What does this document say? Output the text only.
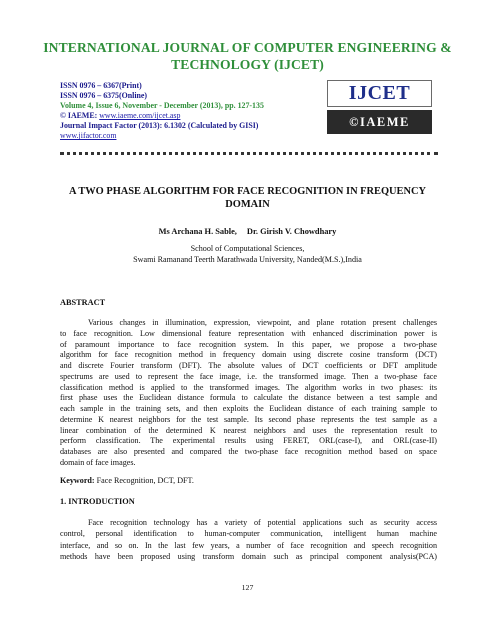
INTERNATIONAL JOURNAL OF COMPUTER ENGINEERING &
TECHNOLOGY (IJCET)
ISSN 0976 – 6367(Print)
ISSN 0976 – 6375(Online)
Volume 4, Issue 6, November - December (2013), pp. 127-135
© IAEME: www.iaeme.com/ijcet.asp
Journal Impact Factor (2013): 6.1302 (Calculated by GISI)
www.jifactor.com
IJCET
©IAEME
A TWO PHASE ALGORITHM FOR FACE RECOGNITION IN FREQUENCY
DOMAIN
Ms Archana H. Sable, Dr. Girish V. Chowdhary
School of Computational Sciences,
Swami Ramanand Teerth Marathwada University, Nanded(M.S.),India
ABSTRACT
Various changes in illumination, expression, viewpoint, and plane rotation present challenges
to face recognition. Low dimensional feature representation with enhanced discrimination power is
of paramount importance to face recognition system. In this paper, we propose a two-phase
algorithm for face recognition method in frequency domain using discrete cosine transform (DCT)
and discrete Fourier transform (DFT). The absolute values of DCT coefficients or DFT amplitude
spectrums are used to represent the face image, i.e. the transformed image. Then a two-phase face
classification method is applied to the transformed images. The algorithm works in two phases: its
first phase uses the Euclidean distance formula to calculate the distance between a test sample and
each sample in the training sets, and then exploits the Euclidean distance of each training sample to
determine K nearest neighbors for the test sample. Its second phase represents the test sample as a
linear combination of the determined K nearest neighbors and uses the representation result to
perform classification. The experimental results using FERET, ORL(case-I), and ORL(case-II)
databases are also presented and compared the two-phase face recognition method based on space
domain of face images.
Keyword: Face Recognition, DCT, DFT.
1. INTRODUCTION
Face recognition technology has a variety of potential applications such as security access
control, personal identification to human-computer communication, intelligent human machine
interface, and so on. In the last few years, a number of face recognition and speech recognition
methods have been proposed using transform domain such as principal component analysis(PCA)
127
